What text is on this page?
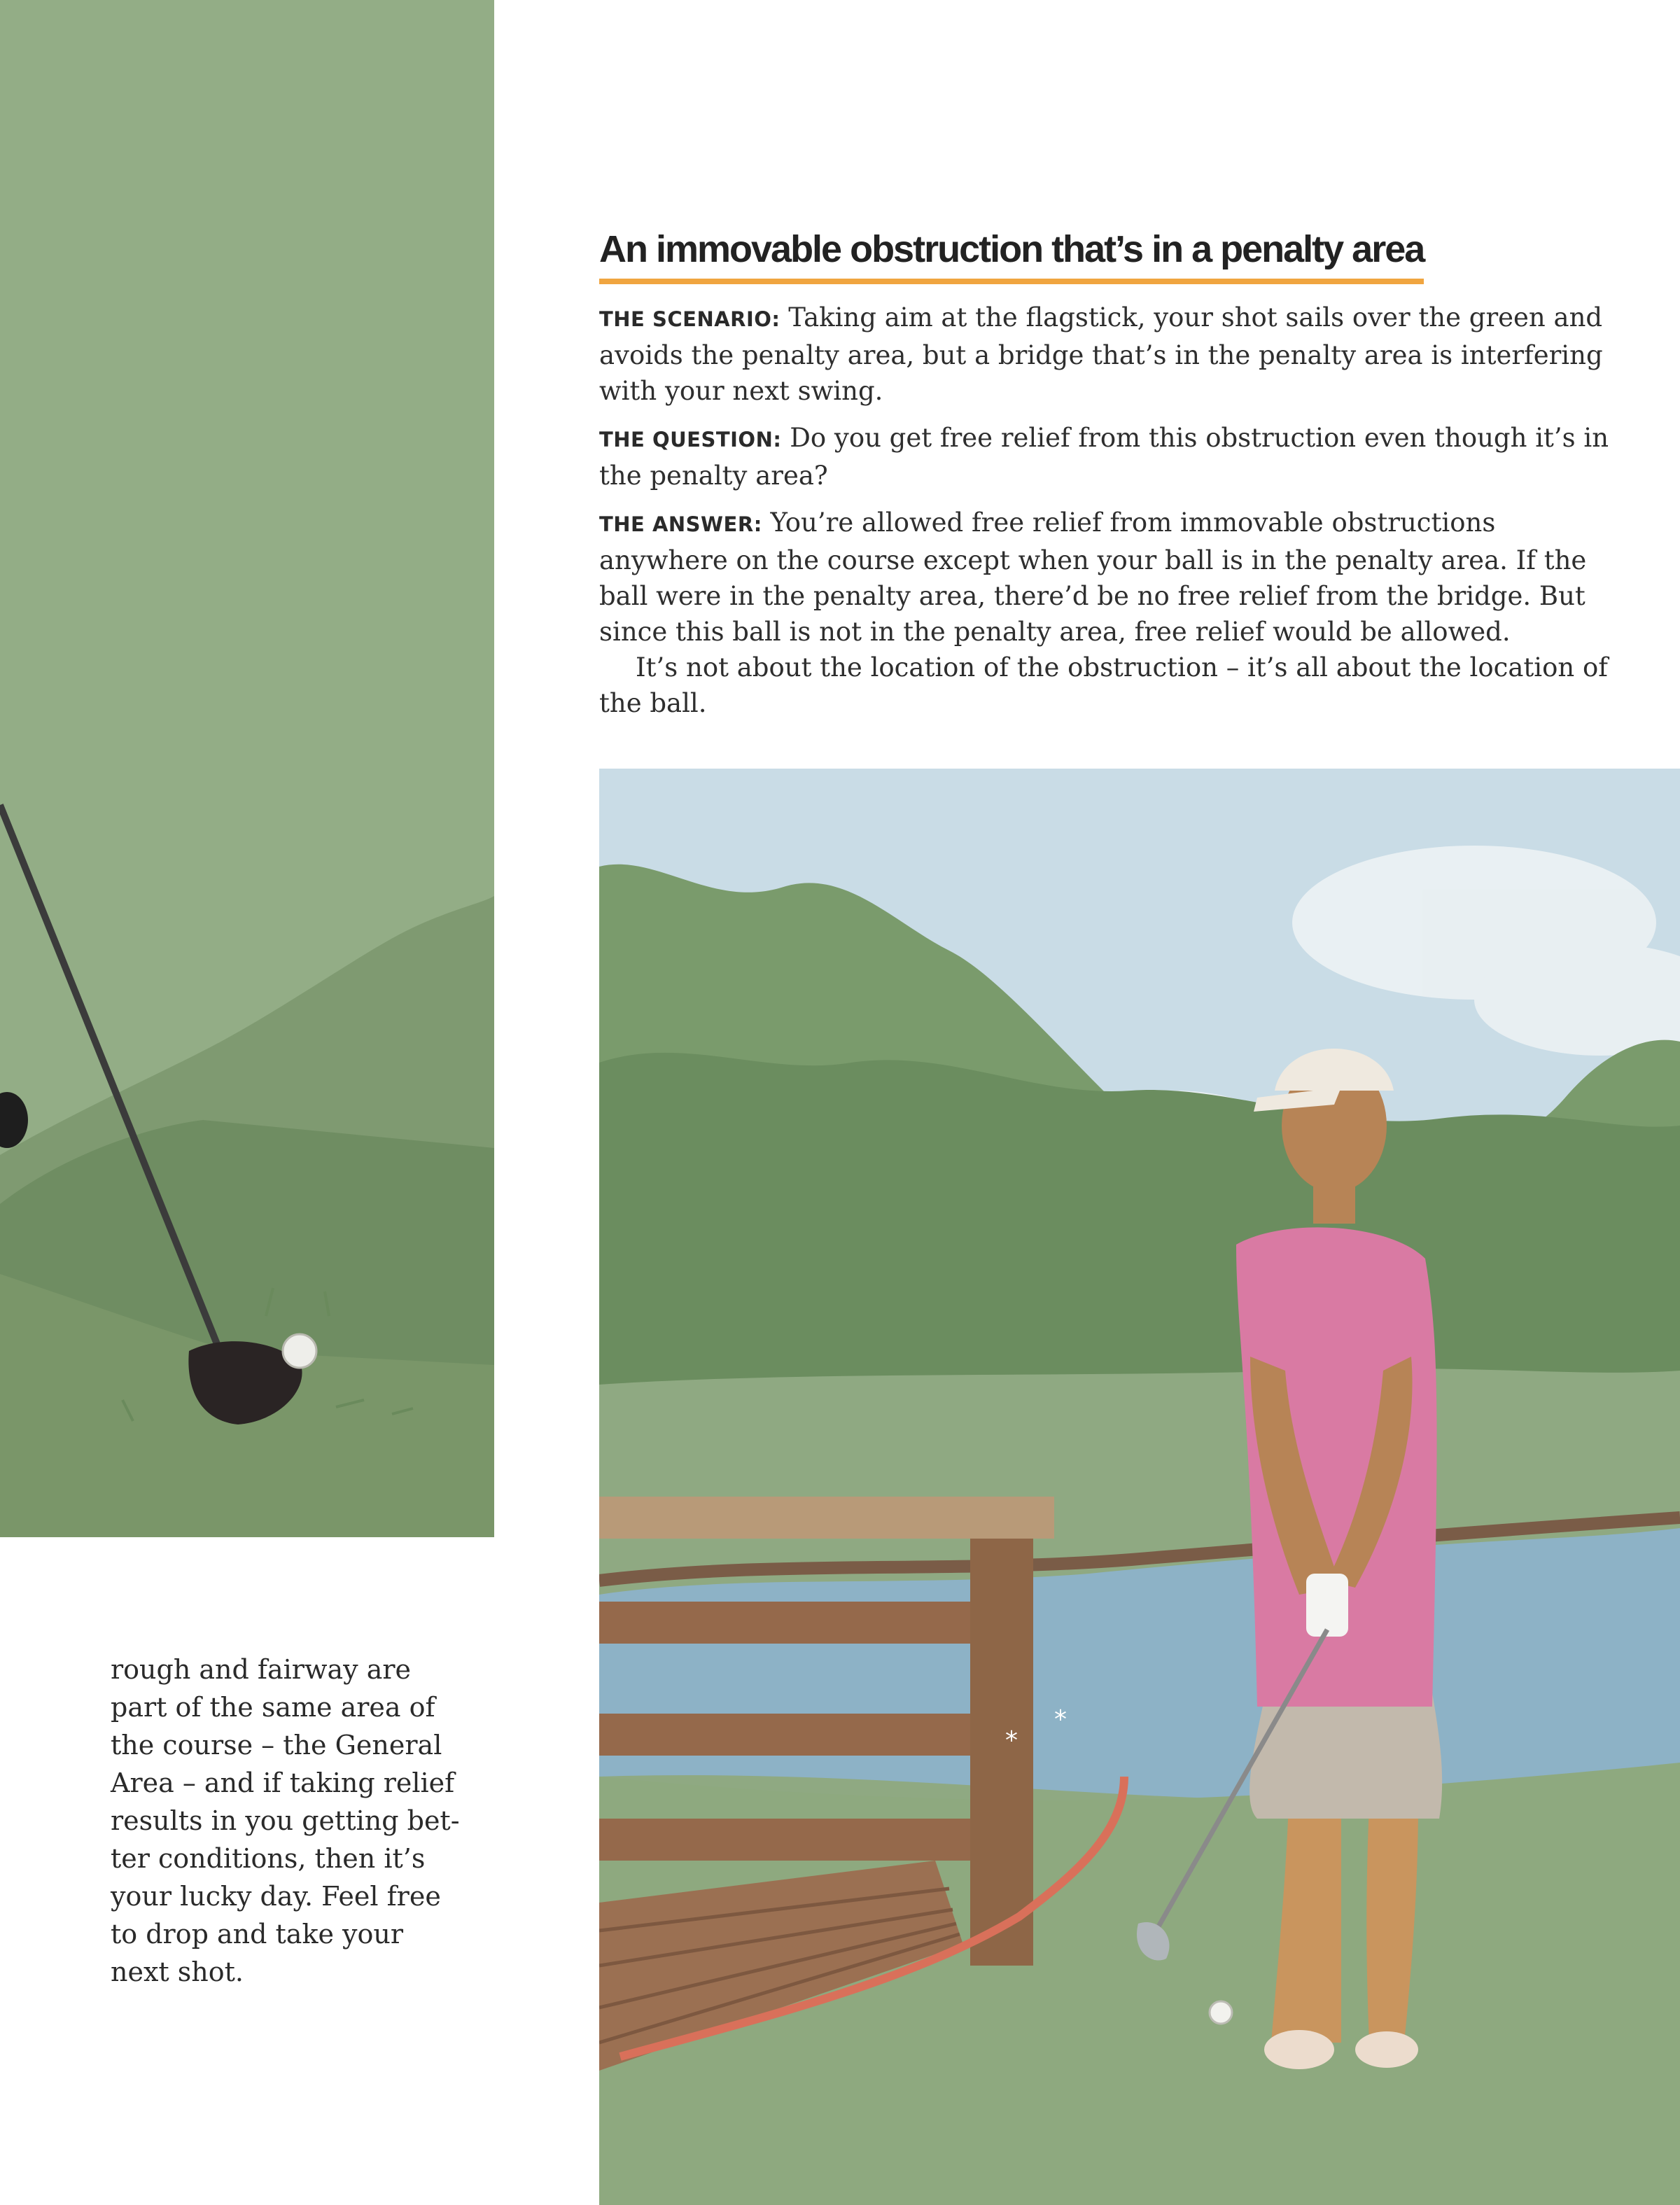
rough and fairway are
part of the same area of
the course – the General
Area – and if taking relief
results in you getting bet-
ter conditions, then it’s
your lucky day. Feel free
to drop and take your
next shot.
An immovable obstruction that’s in a penalty area

THE SCENARIO: Taking aim at the flagstick, your shot sails over the green and
avoids the penalty area, but a bridge that’s in the penalty area is interfering
with your next swing.

THE QUESTION: Do you get free relief from this obstruction even though it’s in
the penalty area?

THE ANSWER: You’re allowed free relief from immovable obstructions
anywhere on the course except when your ball is in the penalty area. If the
ball were in the penalty area, there’d be no free relief from the bridge. But
since this ball is not in the penalty area, free relief would be allowed.
It’s not about the location of the obstruction – it’s all about the location of
the ball.

*
*
